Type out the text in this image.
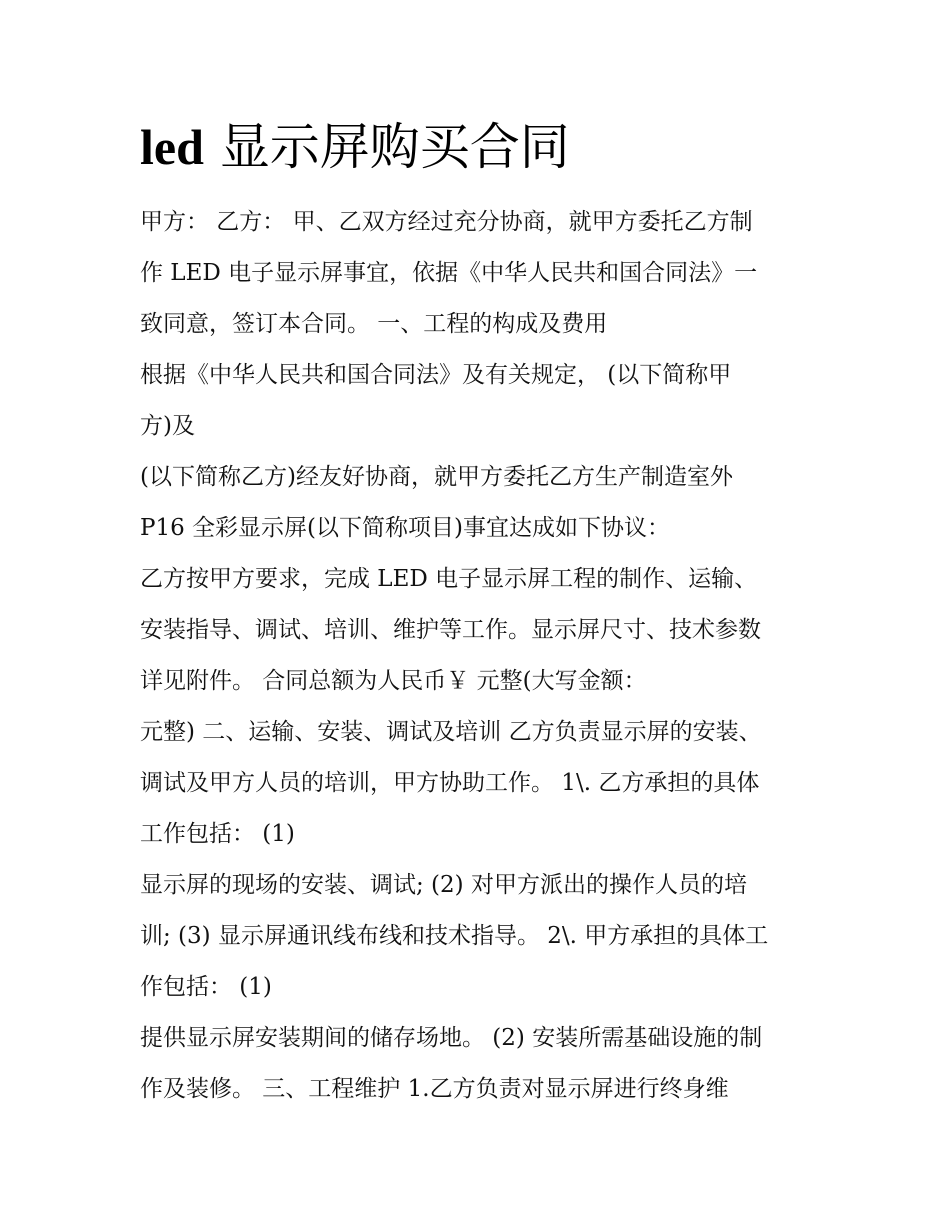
led 显示屏购买合同
甲方： 乙方： 甲、乙双方经过充分协商，就甲方委托乙方制
作 LED 电子显示屏事宜，依据《中华人民共和国合同法》一
致同意，签订本合同。 一、工程的构成及费用
根据《中华人民共和国合同法》及有关规定， (以下简称甲
方)及
(以下简称乙方)经友好协商，就甲方委托乙方生产制造室外
P16 全彩显示屏(以下简称项目)事宜达成如下协议：
乙方按甲方要求，完成 LED 电子显示屏工程的制作、运输、
安装指导、调试、培训、维护等工作。显示屏尺寸、技术参数
详见附件。 合同总额为人民币￥ 元整(大写金额：
元整) 二、运输、安装、调试及培训 乙方负责显示屏的安装、
调试及甲方人员的培训，甲方协助工作。 1\. 乙方承担的具体
工作包括： (1)
显示屏的现场的安装、调试; (2) 对甲方派出的操作人员的培
训; (3) 显示屏通讯线布线和技术指导。 2\. 甲方承担的具体工
作包括： (1)
提供显示屏安装期间的储存场地。 (2) 安装所需基础设施的制
作及装修。 三、工程维护 1.乙方负责对显示屏进行终身维
